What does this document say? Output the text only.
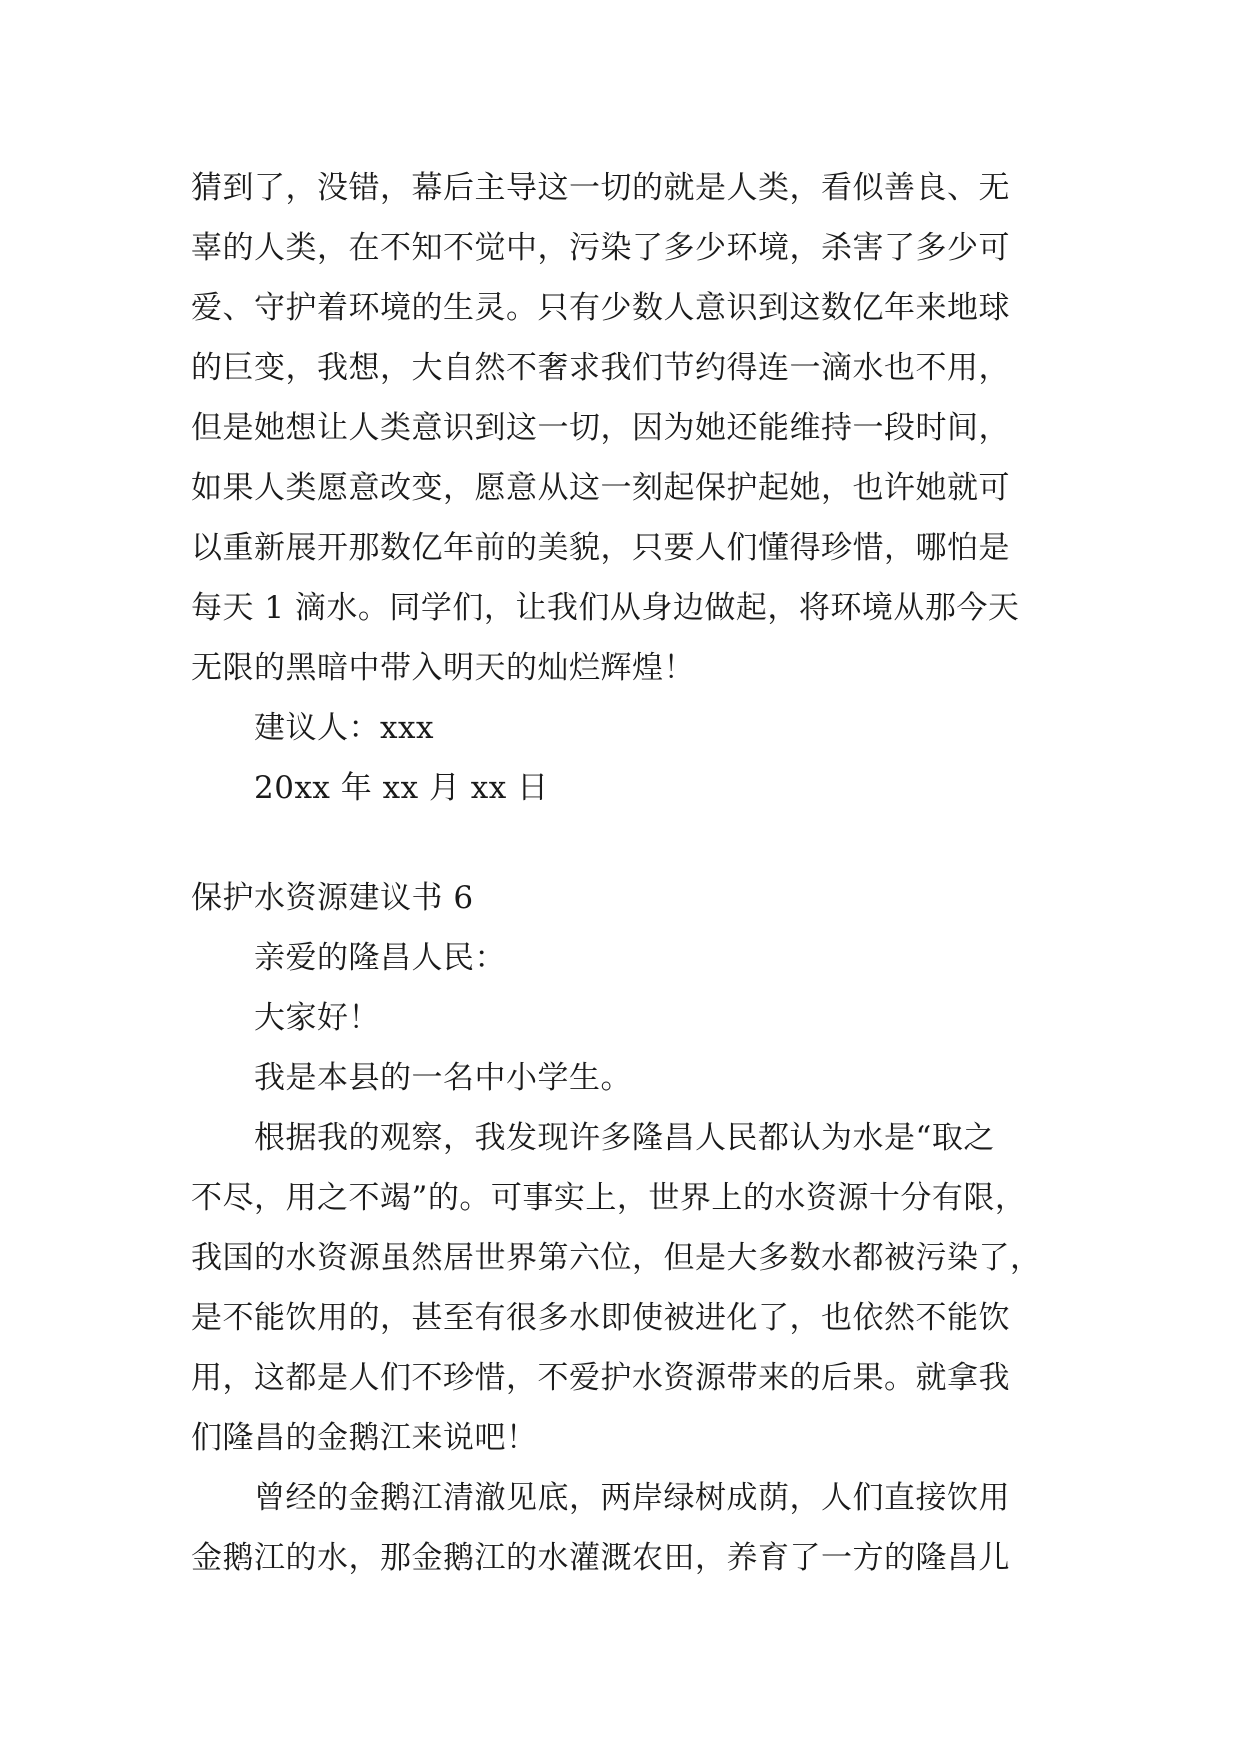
猜到了，没错，幕后主导这一切的就是人类，看似善良、无
辜的人类，在不知不觉中，污染了多少环境，杀害了多少可
爱、守护着环境的生灵。只有少数人意识到这数亿年来地球
的巨变，我想，大自然不奢求我们节约得连一滴水也不用，
但是她想让人类意识到这一切，因为她还能维持一段时间，
如果人类愿意改变，愿意从这一刻起保护起她，也许她就可
以重新展开那数亿年前的美貌，只要人们懂得珍惜，哪怕是
每天 1 滴水。同学们，让我们从身边做起，将环境从那今天
无限的黑暗中带入明天的灿烂辉煌！
建议人：xxx
20xx 年 xx 月 xx 日
保护水资源建议书 6
亲爱的隆昌人民：
大家好！
我是本县的一名中小学生。
根据我的观察，我发现许多隆昌人民都认为水是“取之
不尽，用之不竭”的。可事实上，世界上的水资源十分有限，
我国的水资源虽然居世界第六位，但是大多数水都被污染了，
是不能饮用的，甚至有很多水即使被进化了，也依然不能饮
用，这都是人们不珍惜，不爱护水资源带来的后果。就拿我
们隆昌的金鹅江来说吧！
曾经的金鹅江清澈见底，两岸绿树成荫，人们直接饮用
金鹅江的水，那金鹅江的水灌溉农田，养育了一方的隆昌儿
